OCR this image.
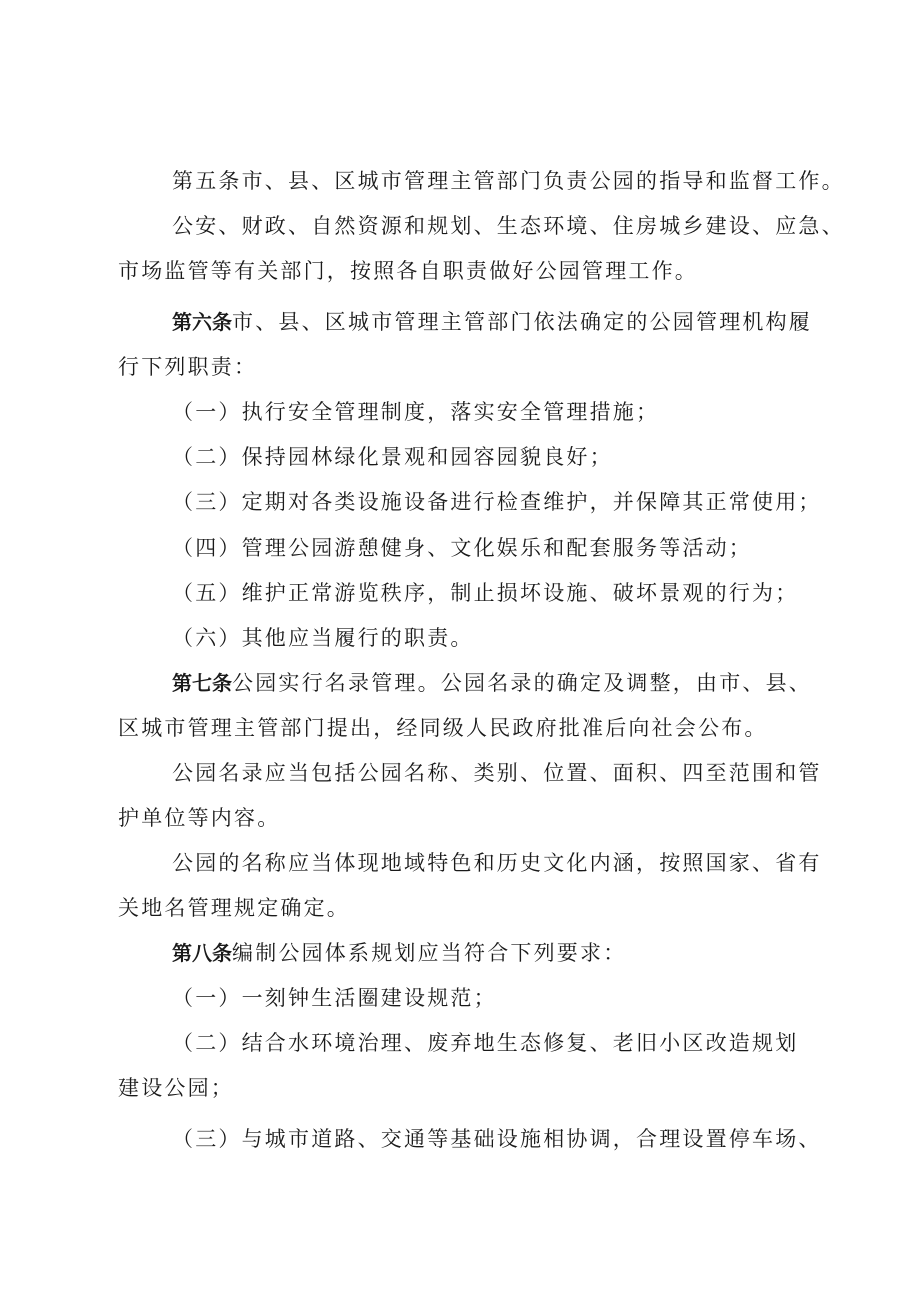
第五条市、县、区城市管理主管部门负责公园的指导和监督工作。
公安、财政、自然资源和规划、生态环境、住房城乡建设、应急、
市场监管等有关部门，按照各自职责做好公园管理工作。
第六条市、县、区城市管理主管部门依法确定的公园管理机构履
行下列职责：
（一）执行安全管理制度，落实安全管理措施；
（二）保持园林绿化景观和园容园貌良好；
（三）定期对各类设施设备进行检查维护，并保障其正常使用；
（四）管理公园游憩健身、文化娱乐和配套服务等活动；
（五）维护正常游览秩序，制止损坏设施、破坏景观的行为；
（六）其他应当履行的职责。
第七条公园实行名录管理。公园名录的确定及调整，由市、县、
区城市管理主管部门提出，经同级人民政府批准后向社会公布。
公园名录应当包括公园名称、类别、位置、面积、四至范围和管
护单位等内容。
公园的名称应当体现地域特色和历史文化内涵，按照国家、省有
关地名管理规定确定。
第八条编制公园体系规划应当符合下列要求：
（一）一刻钟生活圈建设规范；
（二）结合水环境治理、废弃地生态修复、老旧小区改造规划
建设公园；
（三）与城市道路、交通等基础设施相协调，合理设置停车场、
